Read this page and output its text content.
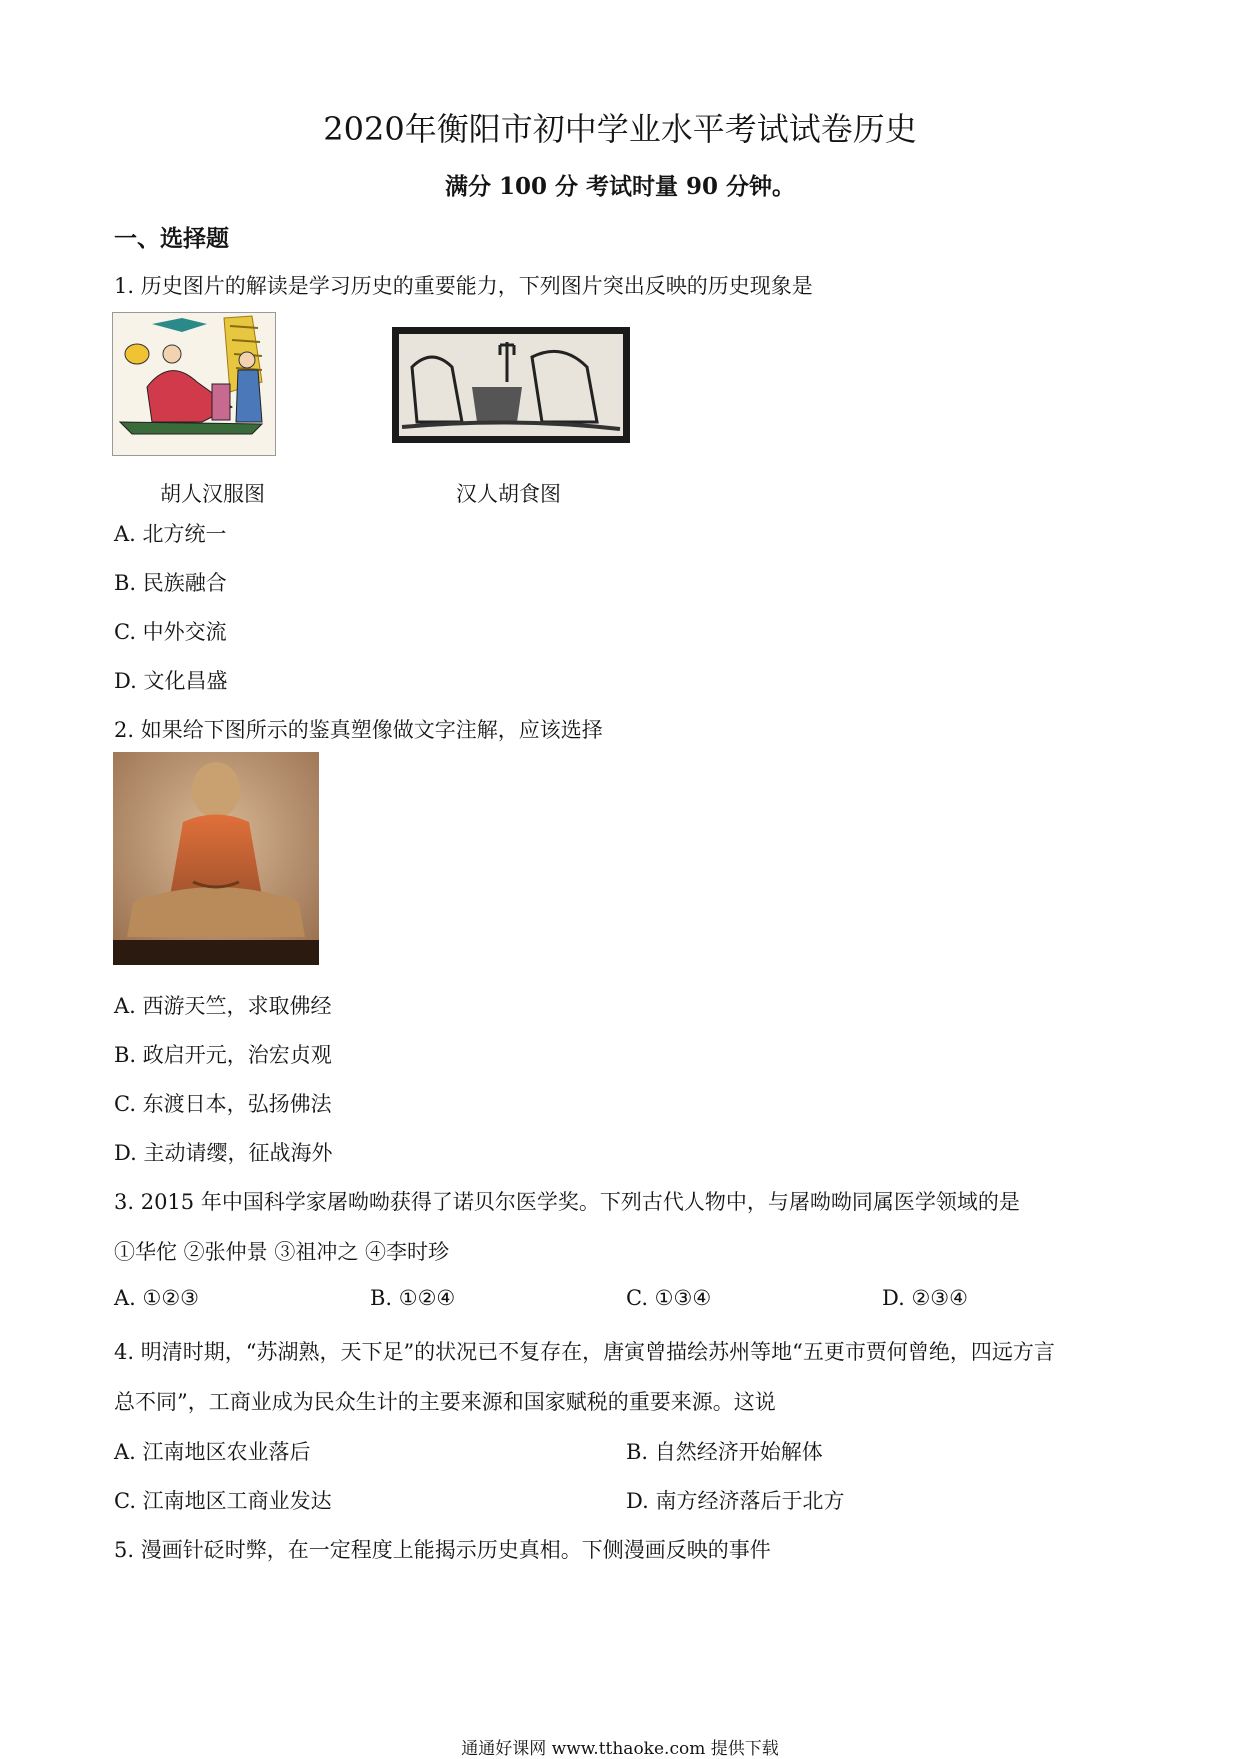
2020年衡阳市初中学业水平考试试卷历史
满分 100 分 考试时量 90 分钟。
一、选择题
1. 历史图片的解读是学习历史的重要能力，下列图片突出反映的历史现象是
胡人汉服图	汉人胡食图
A. 北方统一
B. 民族融合
C. 中外交流
D. 文化昌盛
2. 如果给下图所示的鉴真塑像做文字注解，应该选择
A. 西游天竺，求取佛经
B. 政启开元，治宏贞观
C. 东渡日本，弘扬佛法
D. 主动请缨，征战海外
3. 2015 年中国科学家屠呦呦获得了诺贝尔医学奖。下列古代人物中，与屠呦呦同属医学领域的是
①华佗 ②张仲景 ③祖冲之 ④李时珍
A. ①②③	B. ①②④	C. ①③④	D. ②③④
4. 明清时期，“苏湖熟，天下足”的状况已不复存在，唐寅曾描绘苏州等地“五更市贾何曾绝，四远方言
总不同”，工商业成为民众生计的主要来源和国家赋税的重要来源。这说
A. 江南地区农业落后	B. 自然经济开始解体
C. 江南地区工商业发达	D. 南方经济落后于北方
5. 漫画针砭时弊，在一定程度上能揭示历史真相。下侧漫画反映的事件
通通好课网 www.tthaoke.com 提供下载
